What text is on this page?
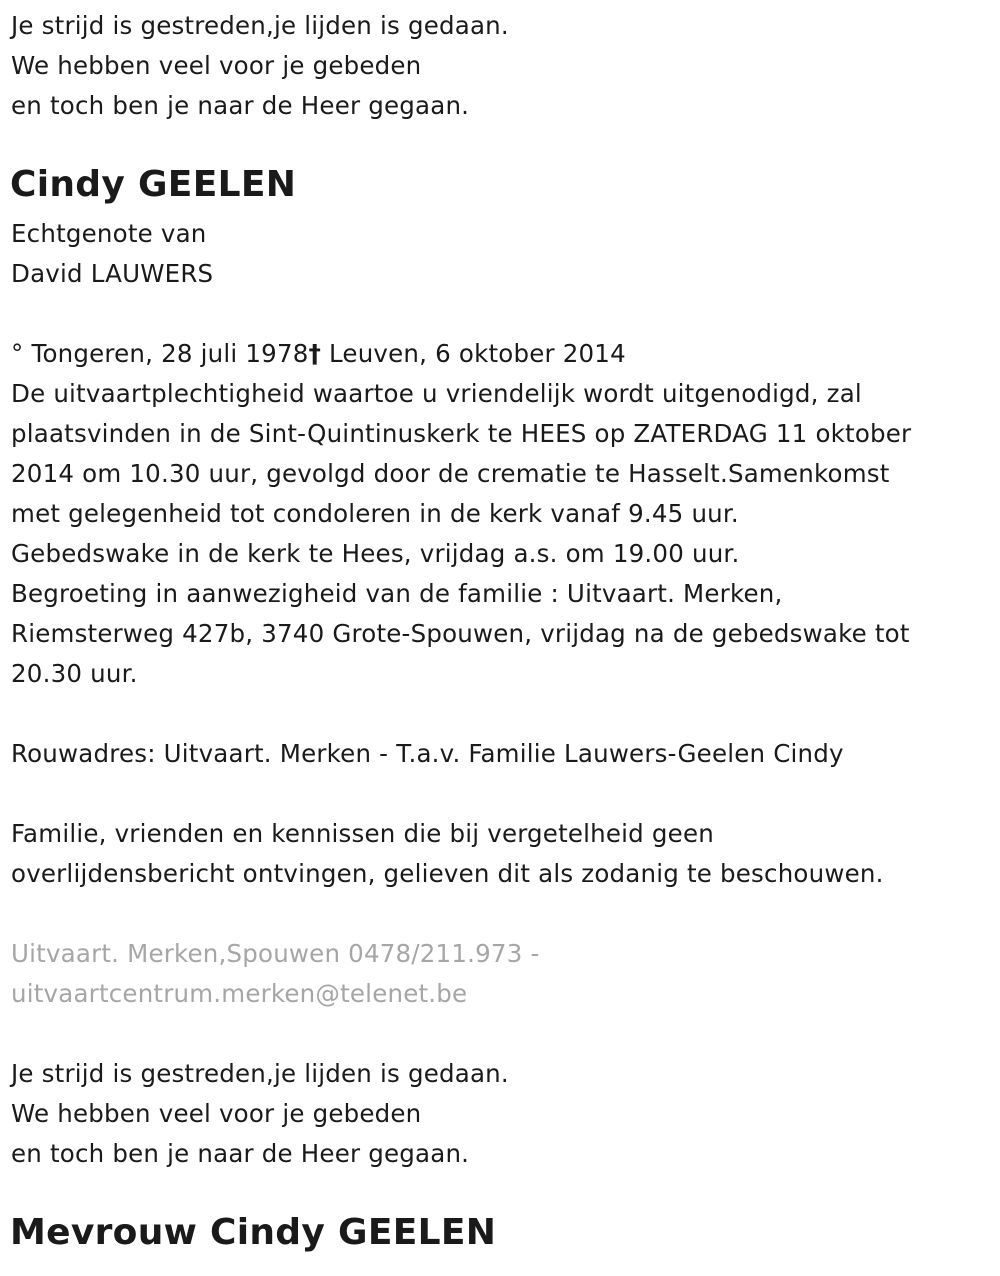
Je strijd is gestreden,je lijden is gedaan.
We hebben veel voor je gebeden
en toch ben je naar de Heer gegaan.
Cindy GEELEN
Echtgenote van
David LAUWERS
° Tongeren, 28 juli 1978† Leuven, 6 oktober 2014
De uitvaartplechtigheid waartoe u vriendelijk wordt uitgenodigd, zal
plaatsvinden in de Sint-Quintinuskerk te HEES op ZATERDAG 11 oktober
2014 om 10.30 uur, gevolgd door de crematie te Hasselt.Samenkomst
met gelegenheid tot condoleren in de kerk vanaf 9.45 uur.
Gebedswake in de kerk te Hees, vrijdag a.s. om 19.00 uur.
Begroeting in aanwezigheid van de familie : Uitvaart. Merken,
Riemsterweg 427b, 3740 Grote-Spouwen, vrijdag na de gebedswake tot
20.30 uur.
Rouwadres: Uitvaart. Merken - T.a.v. Familie Lauwers-Geelen Cindy
Familie, vrienden en kennissen die bij vergetelheid geen
overlijdensbericht ontvingen, gelieven dit als zodanig te beschouwen.
Uitvaart. Merken,Spouwen 0478/211.973 -
uitvaartcentrum.merken@telenet.be
Je strijd is gestreden,je lijden is gedaan.
We hebben veel voor je gebeden
en toch ben je naar de Heer gegaan.
Mevrouw Cindy GEELEN
